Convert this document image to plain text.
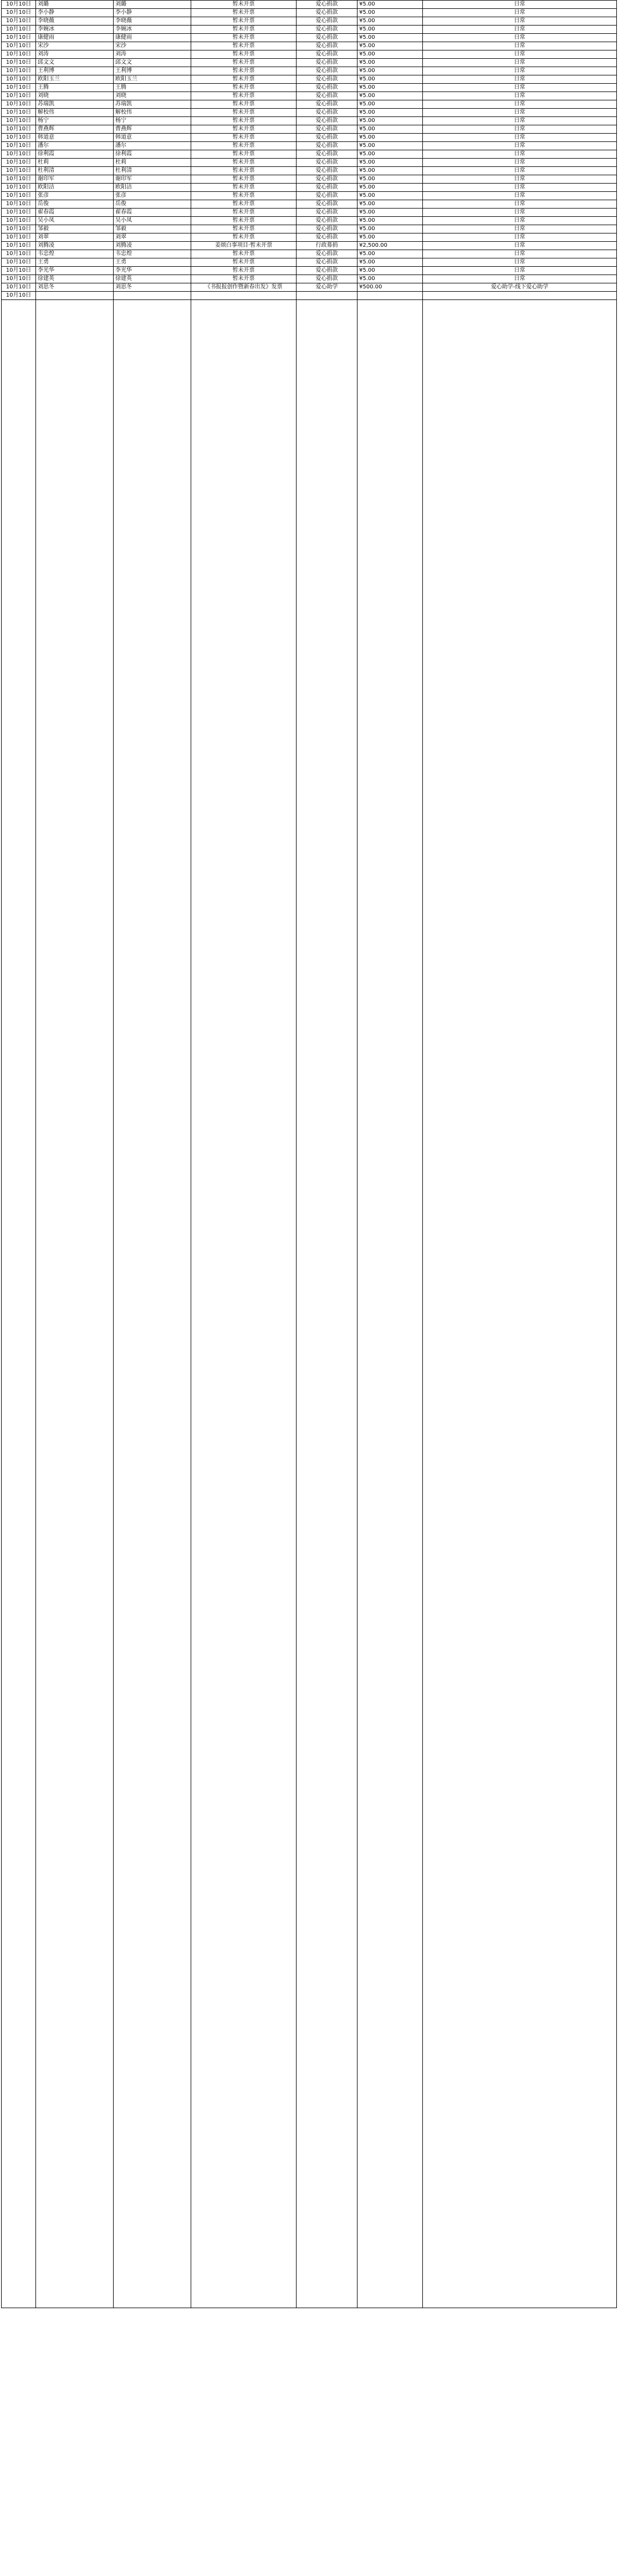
10月10日	刘璐	刘璐	暂未开票	爱心捐款	¥5.00	日常
10月10日	李小静	李小静	暂未开票	爱心捐款	¥5.00	日常
10月10日	李晓薇	李晓薇	暂未开票	爱心捐款	¥5.00	日常
10月10日	李婉冰	李婉冰	暂未开票	爱心捐款	¥5.00	日常
10月10日	康健雨	康健雨	暂未开票	爱心捐款	¥5.00	日常
10月10日	宋沙	宋沙	暂未开票	爱心捐款	¥5.00	日常
10月10日	刘涛	刘涛	暂未开票	爱心捐款	¥5.00	日常
10月10日	邱文文	邱文文	暂未开票	爱心捐款	¥5.00	日常
10月10日	王利博	王利博	暂未开票	爱心捐款	¥5.00	日常
10月10日	欧阳玉兰	欧阳玉兰	暂未开票	爱心捐款	¥5.00	日常
10月10日	王腾	王腾	暂未开票	爱心捐款	¥5.00	日常
10月10日	刘晓	刘晓	暂未开票	爱心捐款	¥5.00	日常
10月10日	苏瑞凯	苏瑞凯	暂未开票	爱心捐款	¥5.00	日常
10月10日	解校伟	解校伟	暂未开票	爱心捐款	¥5.00	日常
10月10日	杨宁	杨宁	暂未开票	爱心捐款	¥5.00	日常
10月10日	曹燕辉	曹燕辉	暂未开票	爱心捐款	¥5.00	日常
10月10日	韩道意	韩道意	暂未开票	爱心捐款	¥5.00	日常
10月10日	潘尔	潘尔	暂未开票	爱心捐款	¥5.00	日常
10月10日	徐利霞	徐利霞	暂未开票	爱心捐款	¥5.00	日常
10月10日	杜莉	杜莉	暂未开票	爱心捐款	¥5.00	日常
10月10日	杜利清	杜利清	暂未开票	爱心捐款	¥5.00	日常
10月10日	谢印军	谢印军	暂未开票	爱心捐款	¥5.00	日常
10月10日	欧阳洁	欧阳洁	暂未开票	爱心捐款	¥5.00	日常
10月10日	张彦	张彦	暂未开票	爱心捐款	¥5.00	日常
10月10日	岳俊	岳俊	暂未开票	爱心捐款	¥5.00	日常
10月10日	翟春霞	翟春霞	暂未开票	爱心捐款	¥5.00	日常
10月10日	吴小凤	吴小凤	暂未开票	爱心捐款	¥5.00	日常
10月10日	邹毅	邹毅	暂未开票	爱心捐款	¥5.00	日常
10月10日	刘翠	刘翠	暂未开票	爱心捐款	¥5.00	日常
10月10日	刘腾凌	刘腾凌	姜颂白事项目·暂未开票	行政募捐	¥2,500.00	日常
10月10日	韦忠煌	韦忠煌	暂未开票	爱心捐款	¥5.00	日常
10月10日	王勇	王勇	暂未开票	爱心捐款	¥5.00	日常
10月10日	李光华	李光华	暂未开票	爱心捐款	¥5.00	日常
10月10日	徐建英	徐建英	暂未开票	爱心捐款	¥5.00	日常
10月10日	刘思冬	刘思冬	《书报报创作暨新春出发》发票	爱心助学	¥500.00	爱心助学-线下爱心助学
10月10日						
